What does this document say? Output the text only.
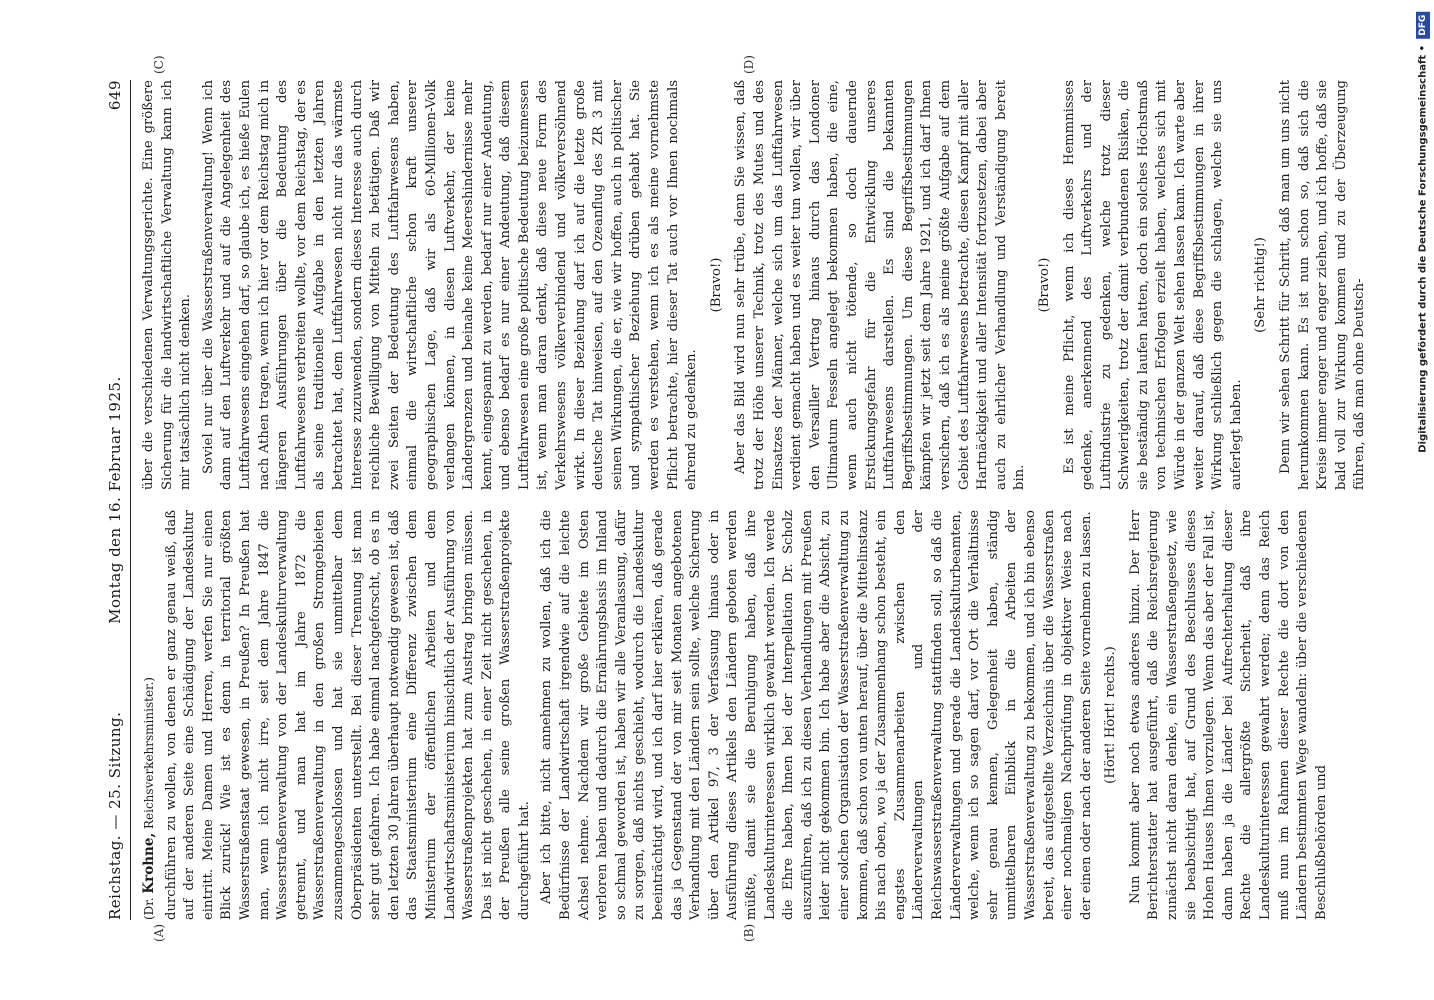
Reichstag. — 25. Sitzung.
Montag den 16. Februar 1925.
649
(A)	(B)
(C)	(D)

(Dr. Krohne, Reichsverkehrsminister.) durchführen zu wollen, von denen er ganz genau weiß, daß auf der anderen Seite eine Schädigung der Landeskultur eintritt. Meine Damen und Herren, werfen Sie nur einen Blick zurück! Wie ist es denn in territorial größten Wasserstraßenstaat gewesen, in Preußen? In Preußen hat man, wenn ich nicht irre, seit dem Jahre 1847 die Wasserstraßenverwaltung von der Landeskulturverwaltung getrennt, und man hat im Jahre 1872 die Wasserstraßenverwaltung in den großen Stromgebieten zusammengeschlossen und hat sie unmittelbar dem Oberpräsidenten unterstellt. Bei dieser Trennung ist man sehr gut gefahren. Ich habe einmal nachgeforscht, ob es in den letzten 30 Jahren überhaupt notwendig gewesen ist, daß das Staatsministerium eine Differenz zwischen dem Ministerium der öffentlichen Arbeiten und dem Landwirtschaftsministerium hinsichtlich der Ausführung von Wasserstraßenprojekten hat zum Austrag bringen müssen. Das ist nicht geschehen, in einer Zeit nicht geschehen, in der Preußen alle seine großen Wasserstraßenprojekte durchgeführt hat. Aber ich bitte, nicht annehmen zu wollen, daß ich die Bedürfnisse der Landwirtschaft irgendwie auf die leichte Achsel nehme. Nachdem wir große Gebiete im Osten verloren haben und dadurch die Ernährungsbasis im Inland so schmal geworden ist, haben wir alle Veranlassung, dafür zu sorgen, daß nichts geschieht, wodurch die Landeskultur beeinträchtigt wird, und ich darf hier erklären, daß gerade das ja Gegenstand der von mir seit Monaten angebotenen Verhandlung mit den Ländern sein sollte, welche Sicherung über den Artikel 97, 3 der Verfassung hinaus oder in Ausführung dieses Artikels den Ländern geboten werden müßte, damit sie die Beruhigung haben, daß ihre Landeskulturinteressen wirklich gewahrt werden. Ich werde die Ehre haben, Ihnen bei der Interpellation Dr. Scholz auszuführen, daß ich zu diesen Verhandlungen mit Preußen leider nicht gekommen bin. Ich habe aber die Absicht, zu einer solchen Organisation der Wasserstraßenverwaltung zu kommen, daß schon von unten herauf, über die Mittelinstanz bis nach oben, wo ja der Zusammenhang schon besteht, ein engstes Zusammenarbeiten zwischen den Länderverwaltungen und der Reichswasserstraßenverwaltung stattfinden soll, so daß die Länderverwaltungen und gerade die Landeskulturbeamten, welche, wenn ich so sagen darf, vor Ort die Verhältnisse sehr genau kennen, Gelegenheit haben, ständig unmittelbaren Einblick in die Arbeiten der Wasserstraßenverwaltung zu bekommen, und ich bin ebenso bereit, das aufgestellte Verzeichnis über die Wasserstraßen einer nochmaligen Nachprüfung in objektiver Weise nach der einen oder nach der anderen Seite vornehmen zu lassen. (Hört! Hört! rechts.) Nun kommt aber noch etwas anderes hinzu. Der Herr Berichterstatter hat ausgeführt, daß die Reichsregierung zunächst nicht daran denke, ein Wasserstraßengesetz, wie sie beabsichtigt hat, auf Grund des Beschlusses dieses Hohen Hauses Ihnen vorzulegen. Wenn das aber der Fall ist, dann haben ja die Länder bei Aufrechterhaltung dieser Rechte die allergrößte Sicherheit, daß ihre Landeskulturinteressen gewahrt werden; denn das Reich muß nun im Rahmen dieser Rechte die dort von den Ländern bestimmten Wege wandeln: über die verschiedenen Beschlußbehörden und

über die verschiedenen Verwaltungsgerichte. Eine größere Sicherung für die landwirtschaftliche Verwaltung kann ich mir tatsächlich nicht denken. Soviel nur über die Wasserstraßenverwaltung! Wenn ich dann auf den Luftverkehr und auf die Angelegenheit des Luftfahrwesens eingehen darf, so glaube ich, es hieße Eulen nach Athen tragen, wenn ich hier vor dem Reichstag mich in längeren Ausführungen über die Bedeutung des Luftfahrwesens verbreiten wollte, vor dem Reichstag, der es als seine traditionelle Aufgabe in den letzten Jahren betrachtet hat, dem Luftfahrwesen nicht nur das wärmste Interesse zuzuwenden, sondern dieses Interesse auch durch reichliche Bewilligung von Mitteln zu betätigen. Daß wir zwei Seiten der Bedeutung des Luftfahrwesens haben, einmal die wirtschaftliche schon kraft unserer geographischen Lage, daß wir als 60-Millionen-Volk verlangen können, in diesen Luftverkehr, der keine Ländergrenzen und beinahe keine Meereshindernisse mehr kennt, eingespannt zu werden, bedarf nur einer Andeutung, und ebenso bedarf es nur einer Andeutung, daß diesem Luftfahrwesen eine große politische Bedeutung beizumessen ist, wenn man daran denkt, daß diese neue Form des Verkehrswesens völkerverbindend und völkerversöhnend wirkt. In dieser Beziehung darf ich auf die letzte große deutsche Tat hinweisen, auf den Ozeanflug des ZR 3 mit seinen Wirkungen, die er, wie wir hoffen, auch in politischer und sympathischer Beziehung drüben gehabt hat. Sie werden es verstehen, wenn ich es als meine vornehmste Pflicht betrachte, hier dieser Tat auch vor Ihnen nochmals ehrend zu gedenken.

(Bravo!) Aber das Bild wird nun sehr trübe, denn Sie wissen, daß trotz der Höhe unserer Technik, trotz des Mutes und des Einsatzes der Männer, welche sich um das Luftfahrwesen verdient gemacht haben und es weiter tun wollen, wir über den Versailler Vertrag hinaus durch das Londoner Ultimatum Fesseln angelegt bekommen haben, die eine, wenn auch nicht tötende, so doch dauernde Erstickungsgefahr für die Entwicklung unseres Luftfahrwesens darstellen. Es sind die bekannten Begriffsbestimmungen. Um diese Begriffsbestimmungen kämpfen wir jetzt seit dem Jahre 1921, und ich darf Ihnen versichern, daß ich es als meine größte Aufgabe auf dem Gebiet des Luftfahrwesens betrachte, diesen Kampf mit aller Hartnäckigkeit und aller Intensität fortzusetzen, dabei aber auch zu ehrlicher Verhandlung und Verständigung bereit bin.

(Bravo!) Es ist meine Pflicht, wenn ich dieses Hemmnisses gedenke, anerkennend des Luftverkehrs und der Luftindustrie zu gedenken, welche trotz dieser Schwierigkeiten, trotz der damit verbundenen Risiken, die sie beständig zu laufen hatten, doch ein solches Höchstmaß von technischen Erfolgen erzielt haben, welches sich mit Würde in der ganzen Welt sehen lassen kann. Ich warte aber weiter darauf, daß diese Begriffsbestimmungen in ihrer Wirkung schließlich gegen die schlagen, welche sie uns auferlegt haben.

(Sehr richtig!) Denn wir sehen Schritt für Schritt, daß man um uns nicht herumkommen kann. Es ist nun schon so, daß sich die Kreise immer enger und enger ziehen, und ich hoffe, daß sie bald voll zur Wirkung kommen und zu der Überzeugung führen, daß man ohne Deutsch-	Digitalisierung gefördert durch die Deutsche Forschungsgemeinschaft •
DFG
